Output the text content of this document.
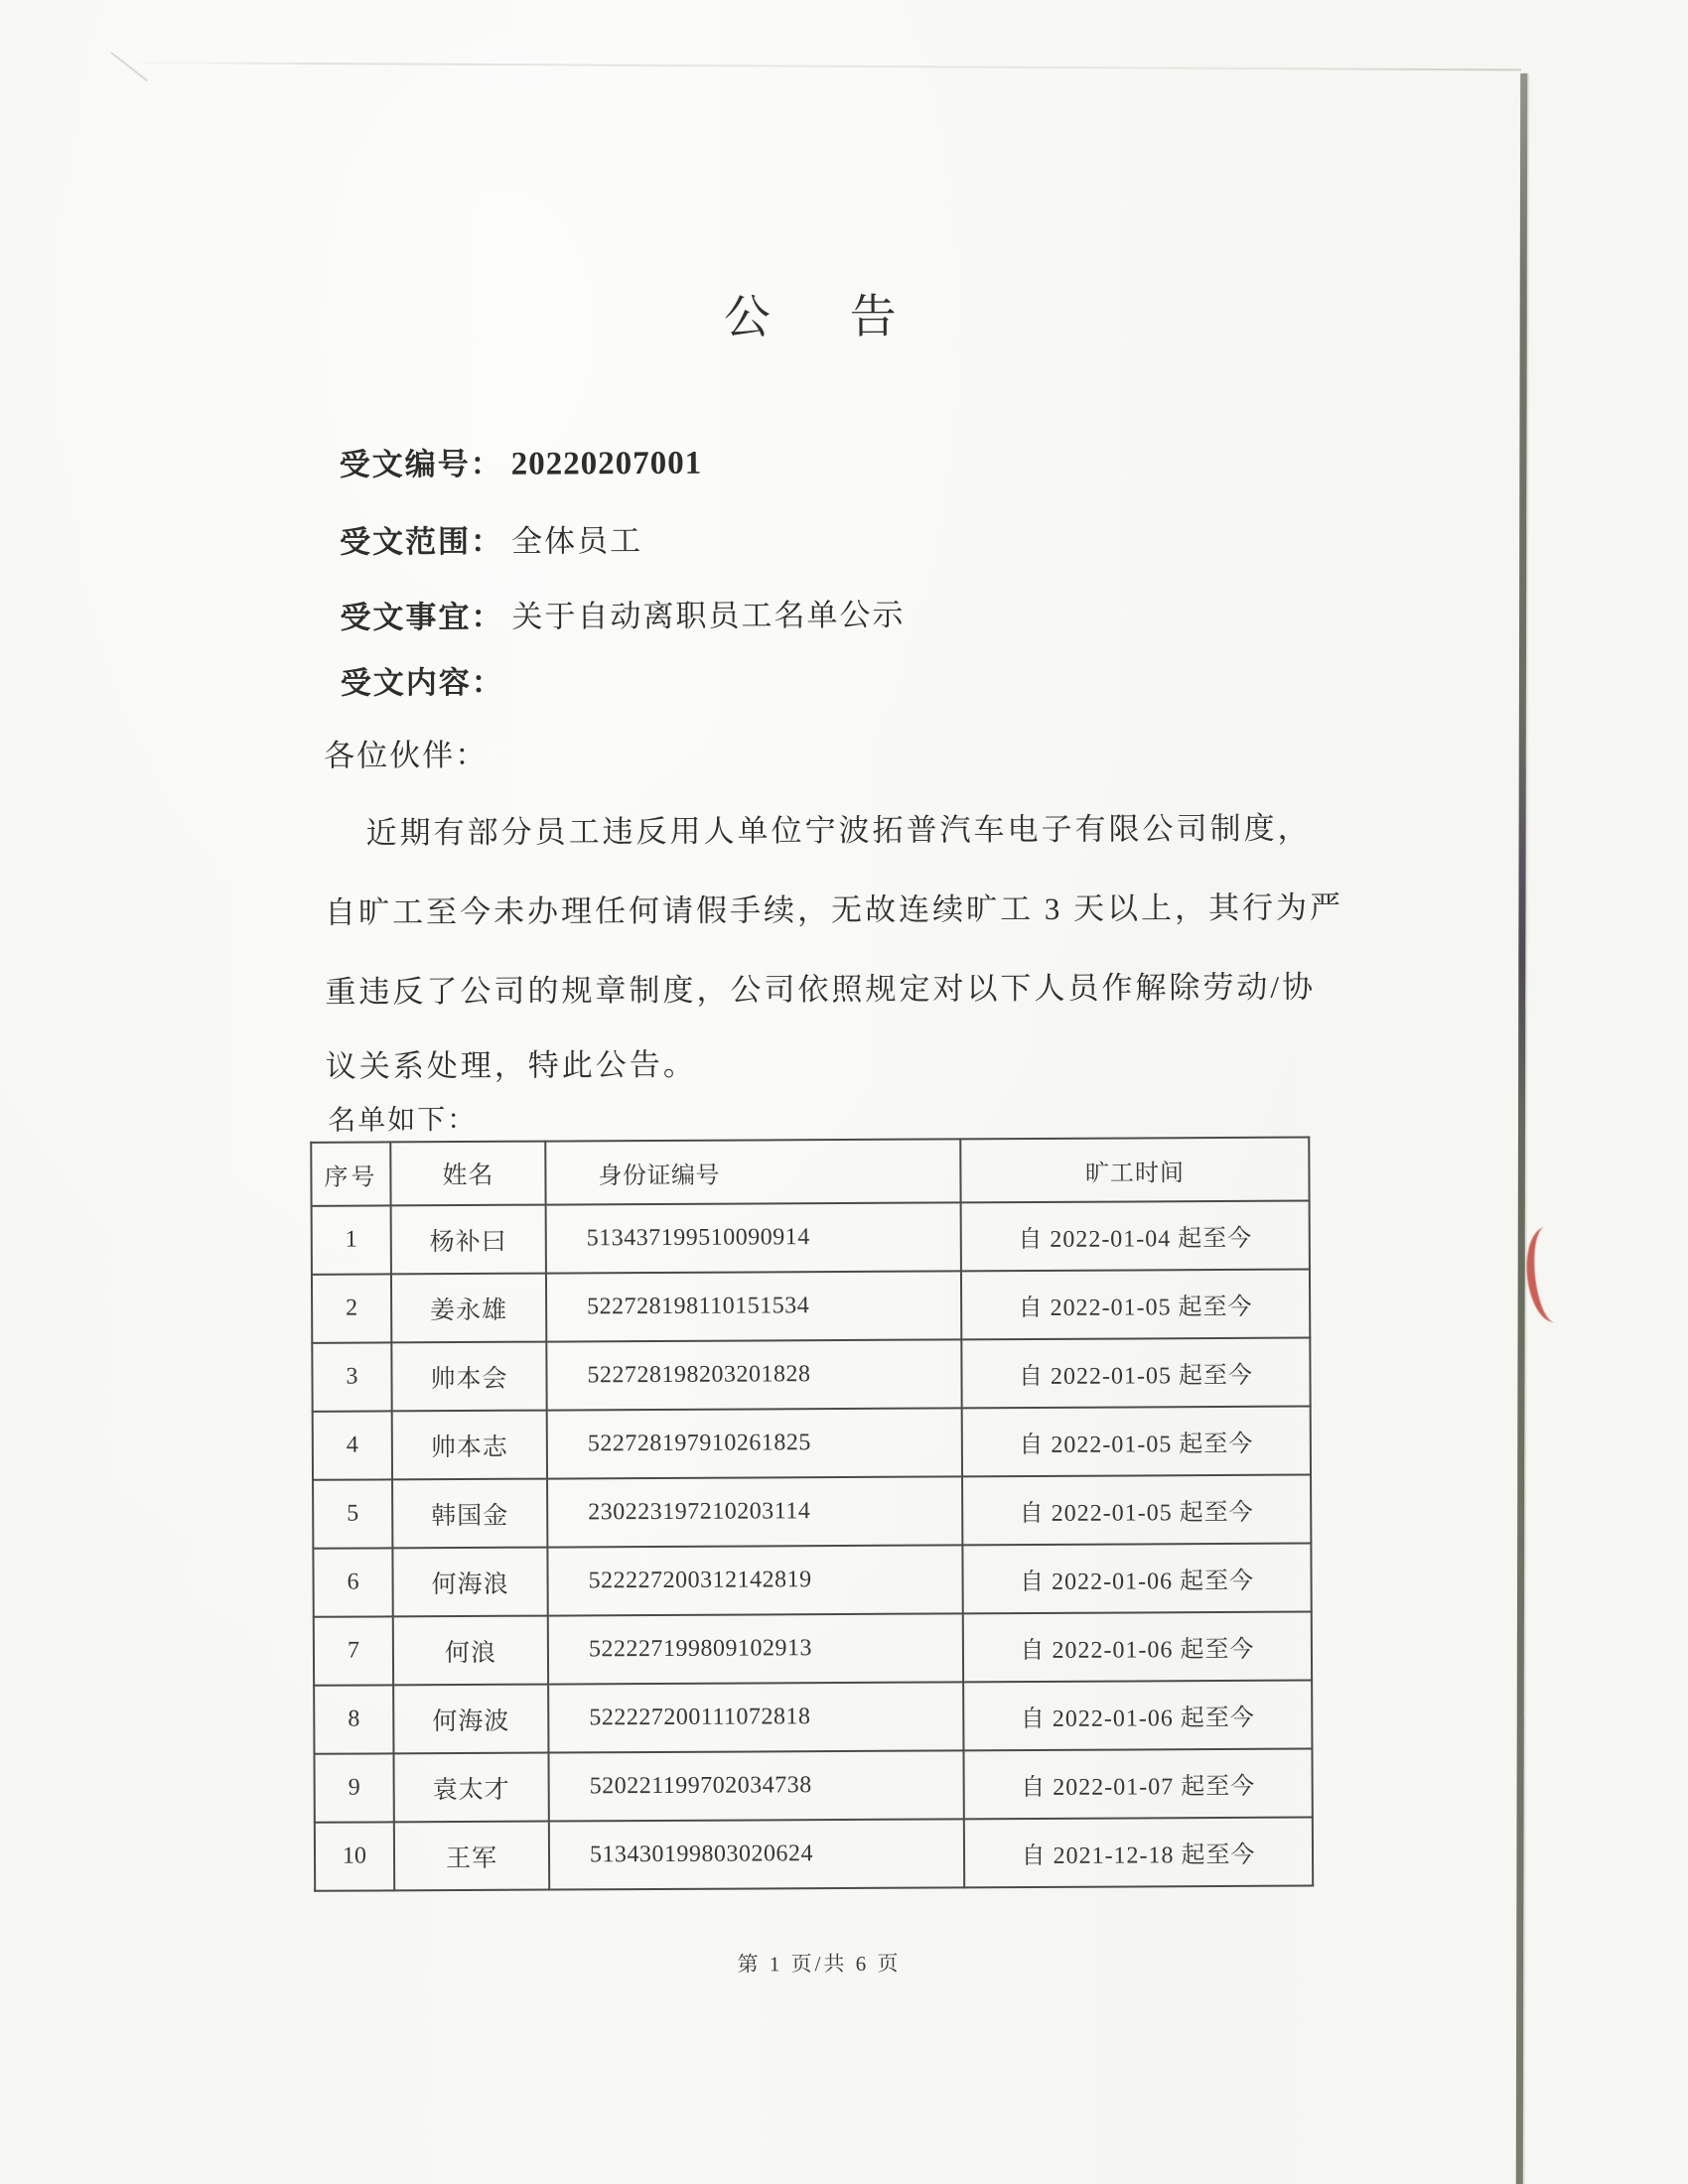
公 告
受文编号： 20220207001
受文范围： 全体员工
受文事宜： 关于自动离职员工名单公示
受文内容：
各位伙伴：
近期有部分员工违反用人单位宁波拓普汽车电子有限公司制度，
自旷工至今未办理任何请假手续，无故连续旷工 3 天以上，其行为严
重违反了公司的规章制度，公司依照规定对以下人员作解除劳动/协
议关系处理，特此公告。
名单如下：
序号	姓名	身份证编号	旷工时间
1	杨补曰	513437199510090914	自 2022-01-04 起至今
2	姜永雄	522728198110151534	自 2022-01-05 起至今
3	帅本会	522728198203201828	自 2022-01-05 起至今
4	帅本志	522728197910261825	自 2022-01-05 起至今
5	韩国金	230223197210203114	自 2022-01-05 起至今
6	何海浪	522227200312142819	自 2022-01-06 起至今
7	何浪	522227199809102913	自 2022-01-06 起至今
8	何海波	522227200111072818	自 2022-01-06 起至今
9	袁太才	520221199702034738	自 2022-01-07 起至今
10	王军	513430199803020624	自 2021-12-18 起至今
第 1 页/共 6 页
